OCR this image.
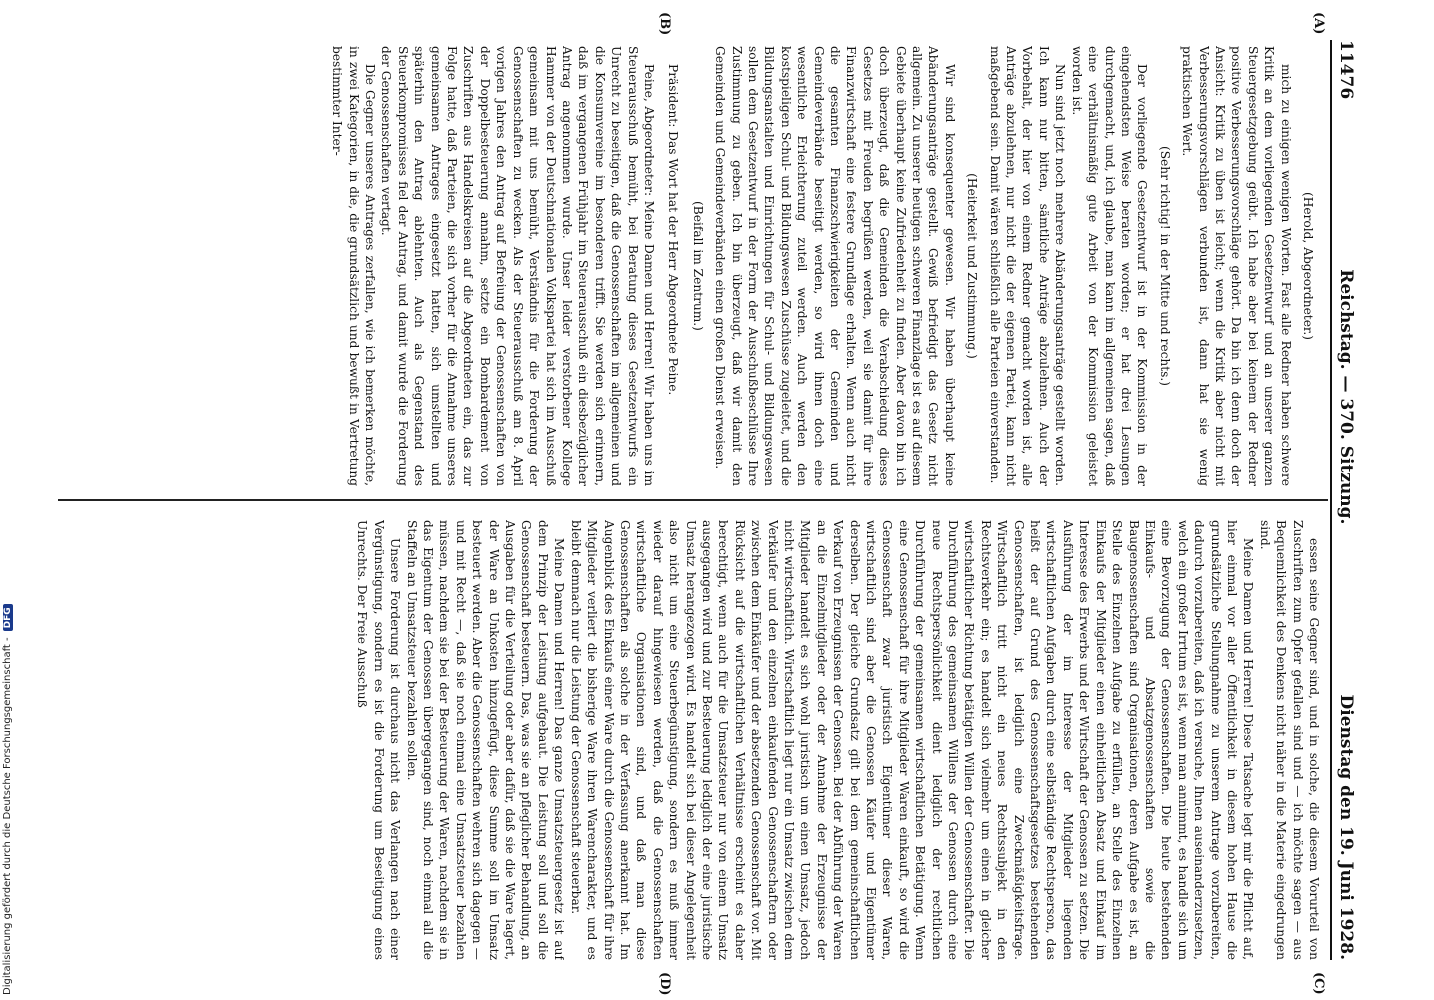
11476
Reichstag. — 370. Sitzung.
Dienstag den 19. Juni 1928.
(A)
(B)
(C)
(D)

(Herold, Abgeordneter.)

mich zu einigen wenigen Worten. Fast alle Redner haben schwere Kritik an dem vorliegenden Gesetzentwurf und an unserer ganzen Steuergesetzgebung geübt. Ich habe aber bei keinem der Redner positive Verbesserungsvorschläge gehört. Da bin ich denn doch der Ansicht: Kritik zu üben ist leicht; wenn die Kritik aber nicht mit Verbesserungsvorschlägen verbunden ist, dann hat sie wenig praktischen Wert.

(Sehr richtig! in der Mitte und rechts.)

Der vorliegende Gesetzentwurf ist in der Kommission in der eingehendsten Weise beraten worden; er hat drei Lesungen durchgemacht, und, ich glaube, man kann im allgemeinen sagen, daß eine verhältnismäßig gute Arbeit von der Kommission geleistet worden ist.

Nun sind jetzt noch mehrere Abänderungsanträge gestellt worden. Ich kann nur bitten, sämtliche Anträge abzulehnen. Auch der Vorbehalt, der hier von einem Redner gemacht worden ist, alle Anträge abzulehnen, nur nicht die der eigenen Partei, kann nicht maßgebend sein. Damit wären schließlich alle Parteien einverstanden.

(Heiterkeit und Zustimmung.)

Wir sind konsequenter gewesen. Wir haben überhaupt keine Abänderungsanträge gestellt. Gewiß befriedigt das Gesetz nicht allgemein. Zu unserer heutigen schweren Finanzlage ist es auf diesem Gebiete überhaupt keine Zufriedenheit zu finden. Aber davon bin ich doch überzeugt, daß die Gemeinden die Verabschiedung dieses Gesetzes mit Freuden begrüßen werden, weil sie damit für ihre Finanzwirtschaft eine festere Grundlage erhalten. Wenn auch nicht die gesamten Finanzschwierigkeiten der Gemeinden und Gemeindeverbände beseitigt werden, so wird ihnen doch eine wesentliche Erleichterung zuteil werden. Auch werden den kostspieligen Schul- und Bildungswesen Zuschüsse zugeleitet, und die Bildungsanstalten und Einrichtungen für Schul- und Bildungswesen sollen dem Gesetzentwurf in der Form der Ausschußbeschlüsse Ihre Zustimmung zu geben. Ich bin überzeugt, daß wir damit den Gemeinden und Gemeindeverbänden einen großen Dienst erweisen.

(Beifall im Zentrum.)

Präsident: Das Wort hat der Herr Abgeordnete Peine.

Peine, Abgeordneter: Meine Damen und Herren! Wir haben uns im Steuerausschuß bemüht, bei Beratung dieses Gesetzentwurfs ein Unrecht zu beseitigen, daß die Genossenschaften im allgemeinen und die Konsumvereine im besonderen trifft. Sie werden sich erinnern, daß im vergangenen Frühjahr im Steuerausschuß ein diesbezüglicher Antrag angenommen wurde. Unser leider verstorbener Kollege Hammer von der Deutschnationalen Volkspartei hat sich im Ausschuß gemeinsam mit uns bemüht, Verständnis für die Forderung der Genossenschaften zu wecken. Als der Steuerausschuß am 8. April vorigen Jahres den Antrag auf Befreiung der Genossenschaften von der Doppelbesteuerung annahm, setzte ein Bombardement von Zuschriften aus Handelskreisen auf die Abgeordneten ein, das zur Folge hatte, daß Parteien, die sich vorher für die Annahme unseres gemeinsamen Antrages eingesetzt hatten, sich umstellten und späterhin den Antrag ablehnten. Auch als Gegenstand des Steuerkompromisses fiel der Antrag, und damit wurde die Forderung der Genossenschaften vertagt.

Die Gegner unseres Antrages zerfallen, wie ich bemerken möchte, in zwei Kategorien, in die, die grundsätzlich und bewußt in Vertretung bestimmter Inter-

essen seine Gegner sind, und in solche, die diesem Vorurteil von Zuschriften zum Opfer gefallen sind und — ich möchte sagen — aus Bequemlichkeit des Denkens nicht näher in die Materie eingedrungen sind.

Meine Damen und Herren! Diese Tatsache legt mir die Pflicht auf, hier einmal vor aller Öffentlichkeit in diesem hohen Hause die grundsätzliche Stellungnahme zu unserem Antrage vorzubereiten, dadurch vorzubereiten, daß ich versuche, Ihnen auseinanderzusetzen, welch ein großer Irrtum es ist, wenn man annimmt, es handle sich um eine Bevorzugung der Genossenschaften. Die heute bestehenden Einkaufs- und Absatzgenossenschaften sowie die Baugenossenschaften sind Organisationen, deren Aufgabe es ist, an Stelle des Einzelnen Aufgabe zu erfüllen, an Stelle des Einzelnen Einkaufs der Mitglieder einen einheitlichen Absatz und Einkauf im Interesse des Erwerbs und der Wirtschaft der Genossen zu setzen. Die Ausführung der im Interesse der Mitglieder liegenden wirtschaftlichen Aufgaben durch eine selbständige Rechtsperson, das heißt der auf Grund des Genossenschaftsgesetzes bestehenden Genossenschaften, ist lediglich eine Zweckmäßigkeitsfrage. Wirtschaftlich tritt nicht ein neues Rechtssubjekt in den Rechtsverkehr ein; es handelt sich vielmehr um einen in gleicher wirtschaftlicher Richtung betätigten Willen der Genossenschafter. Die Durchführung des gemeinsamen Willens der Genossen durch eine neue Rechtspersönlichkeit dient lediglich der rechtlichen Durchführung der gemeinsamen wirtschaftlichen Betätigung. Wenn eine Genossenschaft für ihre Mitglieder Waren einkauft, so wird die Genossenschaft zwar juristisch Eigentümer dieser Waren, wirtschaftlich sind aber die Genossen Käufer und Eigentümer derselben. Der gleiche Grundsatz gilt bei dem gemeinschaftlichen Verkauf von Erzeugnissen der Genossen. Bei der Abführung der Waren an die Einzelmitglieder oder der Annahme der Erzeugnisse der Mitglieder handelt es sich wohl juristisch um einen Umsatz, jedoch nicht wirtschaftlich. Wirtschaftlich liegt nur ein Umsatz zwischen dem Verkäufer und den einzelnen einkaufenden Genossenschaftern oder zwischen dem Einkäufer und der absetzenden Genossenschaft vor. Mit Rücksicht auf die wirtschaftlichen Verhältnisse erscheint es daher berechtigt, wenn auch für die Umsatzsteuer nur von einem Umsatz ausgegangen wird und zur Besteuerung lediglich der eine juristische Umsatz herangezogen wird. Es handelt sich bei dieser Angelegenheit also nicht um eine Steuerbegünstigung, sondern es muß immer wieder darauf hingewiesen werden, daß die Genossenschaften wirtschaftliche Organisationen sind, und daß man diese Genossenschaften als solche in der Verfassung anerkannt hat. Im Augenblick des Einkaufs einer Ware durch die Genossenschaft für ihre Mitglieder verliert die bisherige Ware ihren Warencharakter, und es bleibt demnach nur die Leistung der Genossenschaft steuerbar.

Meine Damen und Herren! Das ganze Umsatzsteuergesetz ist auf dem Prinzip der Leistung aufgebaut. Die Leistung soll und soll die Genossenschaft besteuern. Das, was sie an pfleglicher Behandlung, an Ausgaben für die Verteilung oder aber dafür, daß sie die Ware lagert, der Ware an Unkosten hinzugefügt, diese Summe soll im Umsatz besteuert werden. Aber die Genossenschaften wehren sich dagegen — und mit Recht —, daß sie noch einmal eine Umsatzsteuer bezahlen müssen, nachdem sie bei der Besteuerung der Waren, nachdem sie in das Eigentum der Genossen übergegangen sind, noch einmal all die Staffeln an Umsatzsteuer bezahlen sollen.

Unsere Forderung ist durchaus nicht das Verlangen nach einer Vergünstigung, sondern es ist die Forderung um Beseitigung eines Unrechts. Der Freie Ausschuß

Digitalisierung gefördert durch die Deutsche Forschungsgemeinschaft -
DFG
